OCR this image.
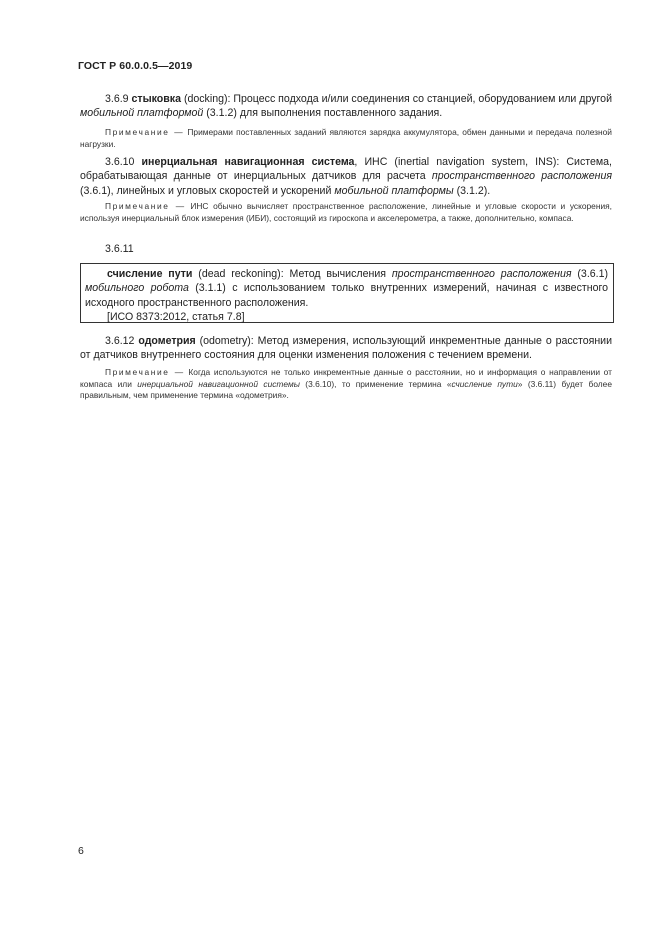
ГОСТ Р 60.0.0.5—2019
3.6.9 стыковка (docking): Процесс подхода и/или соединения со станцией, оборудованием или другой мобильной платформой (3.1.2) для выполнения поставленного задания.
Примечание — Примерами поставленных заданий являются зарядка аккумулятора, обмен данными и передача полезной нагрузки.
3.6.10 инерциальная навигационная система, ИНС (inertial navigation system, INS): Система, обрабатывающая данные от инерциальных датчиков для расчета пространственного расположения (3.6.1), линейных и угловых скоростей и ускорений мобильной платформы (3.1.2).
Примечание — ИНС обычно вычисляет пространственное расположение, линейные и угловые скорости и ускорения, используя инерциальный блок измерения (ИБИ), состоящий из гироскопа и акселерометра, а также, дополнительно, компаса.
3.6.11
счисление пути (dead reckoning): Метод вычисления пространственного расположения (3.6.1) мобильного робота (3.1.1) с использованием только внутренних измерений, начиная с известного исходного пространственного расположения.
[ИСО 8373:2012, статья 7.8]
3.6.12 одометрия (odometry): Метод измерения, использующий инкрементные данные о расстоянии от датчиков внутреннего состояния для оценки изменения положения с течением времени.
Примечание — Когда используются не только инкрементные данные о расстоянии, но и информация о направлении от компаса или инерциальной навигационной системы (3.6.10), то применение термина «счисление пути» (3.6.11) будет более правильным, чем применение термина «одометрия».
6
